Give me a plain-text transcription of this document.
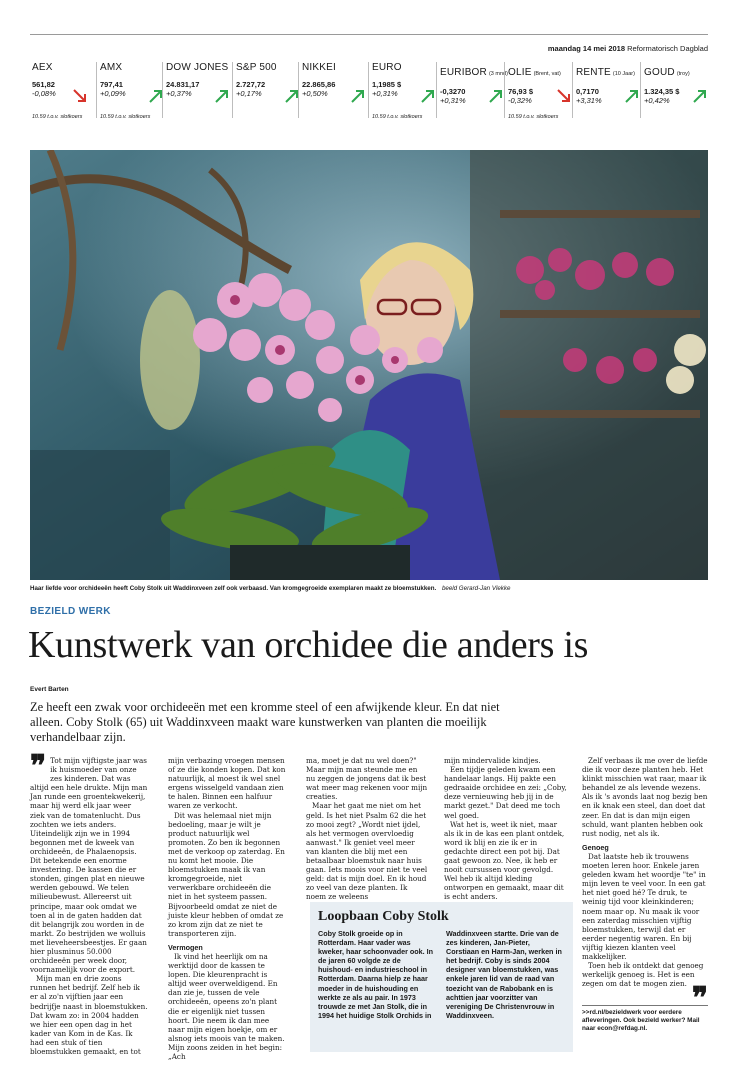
maandag 14 mei 2018 Reformatorisch Dagblad
AEX
561,82
-0,08%
10.59 t.o.v. slotkoers
AMX
797,41
+0,09%
10.59 t.o.v. slotkoers
DOW JONES
24.831,17
+0,37%
S&P 500
2.727,72
+0,17%
NIKKEI
22.865,86
+0,50%
EURO
1,1985 $
+0,31%
10.59 t.o.v. slotkoers
EURIBOR (3 mnd)
-0,3270
+0,31%
OLIE (Brent, vat)
76,93 $
-0,32%
10.59 t.o.v. slotkoers
RENTE (10 Jaar)
0,7170
+3,31%
GOUD (troy)
1.324,35 $
+0,42%
Haar liefde voor orchideeën heeft Coby Stolk uit Waddinxveen zelf ook verbaasd. Van kromgegroeide exemplaren maakt ze bloemstukken. beeld Gerard-Jan Vlekke
BEZIELD WERK
Kunstwerk van orchidee die anders is
Evert Barten
Ze heeft een zwak voor orchideeën met een kromme steel of een afwijkende kleur. En dat niet alleen. Coby Stolk (65) uit Waddinxveen maakt ware kunstwerken van planten die moeilijk verhandelbaar zijn.
❞ Tot mijn vijftigste jaar was ik huismoeder van onze zes kinderen. Dat was altijd een hele drukte. Mijn man Jan runde een groentekwekerij, maar hij werd elk jaar weer ziek van de tomatenlucht. Dus zochten we iets anders. Uiteindelijk zijn we in 1994 begonnen met de kweek van orchideeën, de Phalaenopsis. Dit betekende een enorme investering. De kassen die er stonden, gingen plat en nieuwe werden gebouwd. We telen milieubewust. Allereerst uit principe, maar ook omdat we toen al in de gaten hadden dat dit belangrijk zou worden in de markt. Zo bestrijden we wolluis met lieveheersbeestjes. Er gaan hier plusminus 50.000 orchideeën per week door, voornamelijk voor de export.

Mijn man en drie zoons runnen het bedrijf. Zelf heb ik er al zo'n vijftien jaar een bedrijfje naast in bloemstukken. Dat kwam zo: in 2004 hadden we hier een open dag in het kader van Kom in de Kas. Ik had een stuk of tien bloemstukken gemaakt, en tot

mijn verbazing vroegen mensen of ze die konden kopen. Dat kon natuurlijk, al moest ik wel snel ergens wisselgeld vandaan zien te halen. Binnen een halfuur waren ze verkocht.

Dit was helemaal niet mijn bedoeling, maar je wilt je product natuurlijk wel promoten. Zo ben ik begonnen met de verkoop op zaterdag. En nu komt het mooie. Die bloemstukken maak ik van kromgegroeide, niet verwerkbare orchideeën die niet in het systeem passen. Bijvoorbeeld omdat ze niet de juiste kleur hebben of omdat ze zo krom zijn dat ze niet te transporteren zijn.

Vermogen

Ik vind het heerlijk om na werktijd door de kassen te lopen. Die kleurenpracht is altijd weer overweldigend. En dan zie je, tussen de vele orchideeën, opeens zo'n plant die er eigenlijk niet tussen hoort. Die neem ik dan mee naar mijn eigen hoekje, om er alsnog iets moois van te maken. Mijn zoons zeiden in het begin: „Ach

ma, moet je dat nu wel doen?" Maar mijn man steunde me en nu zeggen de jongens dat ik best wat meer mag rekenen voor mijn creaties.

Maar het gaat me niet om het geld. Is het niet Psalm 62 die het zo mooi zegt? „Wordt niet ijdel, als het vermogen overvloedig aanwast." Ik geniet veel meer van klanten die blij met een betaalbaar bloemstuk naar huis gaan. Iets moois voor niet te veel geld: dat is mijn doel. En ik houd zo veel van deze planten. Ik noem ze weleens

mijn mindervalide kindjes.

Een tijdje geleden kwam een handelaar langs. Hij pakte een gedraaide orchidee en zei: „Coby, deze vernieuwing heb jij in de markt gezet." Dat deed me toch wel goed.

Wat het is, weet ik niet, maar als ik in de kas een plant ontdek, word ik blij en zie ik er in gedachte direct een pot bij. Dat gaat gewoon zo. Nee, ik heb er nooit cursussen voor gevolgd. Wel heb ik altijd kleding ontworpen en gemaakt, maar dit is echt anders.

Zelf verbaas ik me over de liefde die ik voor deze planten heb. Het klinkt misschien wat raar, maar ik behandel ze als levende wezens. Als ik 's avonds laat nog bezig ben en ik knak een steel, dan doet dat zeer. En dat is dan mijn eigen schuld, want planten hebben ook rust nodig, net als ik.

Genoeg

Dat laatste heb ik trouwens moeten leren hoor. Enkele jaren geleden kwam het woordje "te" in mijn leven te veel voor. In een gat het niet goed hé? Te druk, te weinig tijd voor kleinkinderen; noem maar op. Nu maak ik voor een zaterdag misschien vijftig bloemstukken, terwijl dat er eerder negentig waren. En bij vijftig kiezen klanten veel makkelijker.

Toen heb ik ontdekt dat genoeg werkelijk genoeg is. Het is een zegen om dat te mogen zien. ❞
Loopbaan Coby Stolk
Coby Stolk groeide op in Rotterdam. Haar vader was kweker, haar schoonvader ook. In de jaren 60 volgde ze de huishoud- en industrieschool in Rotterdam. Daarna hielp ze haar moeder in de huishouding en werkte ze als au pair. In 1973 trouwde ze met Jan Stolk, die in 1994 het huidige Stolk Orchids in
Waddinxveen startte. Drie van de zes kinderen, Jan-Pieter, Corstiaan en Harm-Jan, werken in het bedrijf. Coby is sinds 2004 designer van bloemstukken, was enkele jaren lid van de raad van toezicht van de Rabobank en is achttien jaar voorzitter van vereniging De Christenvrouw in Waddinxveen.	>>rd.nl/bezieldwerk voor eerdere afleveringen. Ook bezield werker? Mail naar econ@refdag.nl.
